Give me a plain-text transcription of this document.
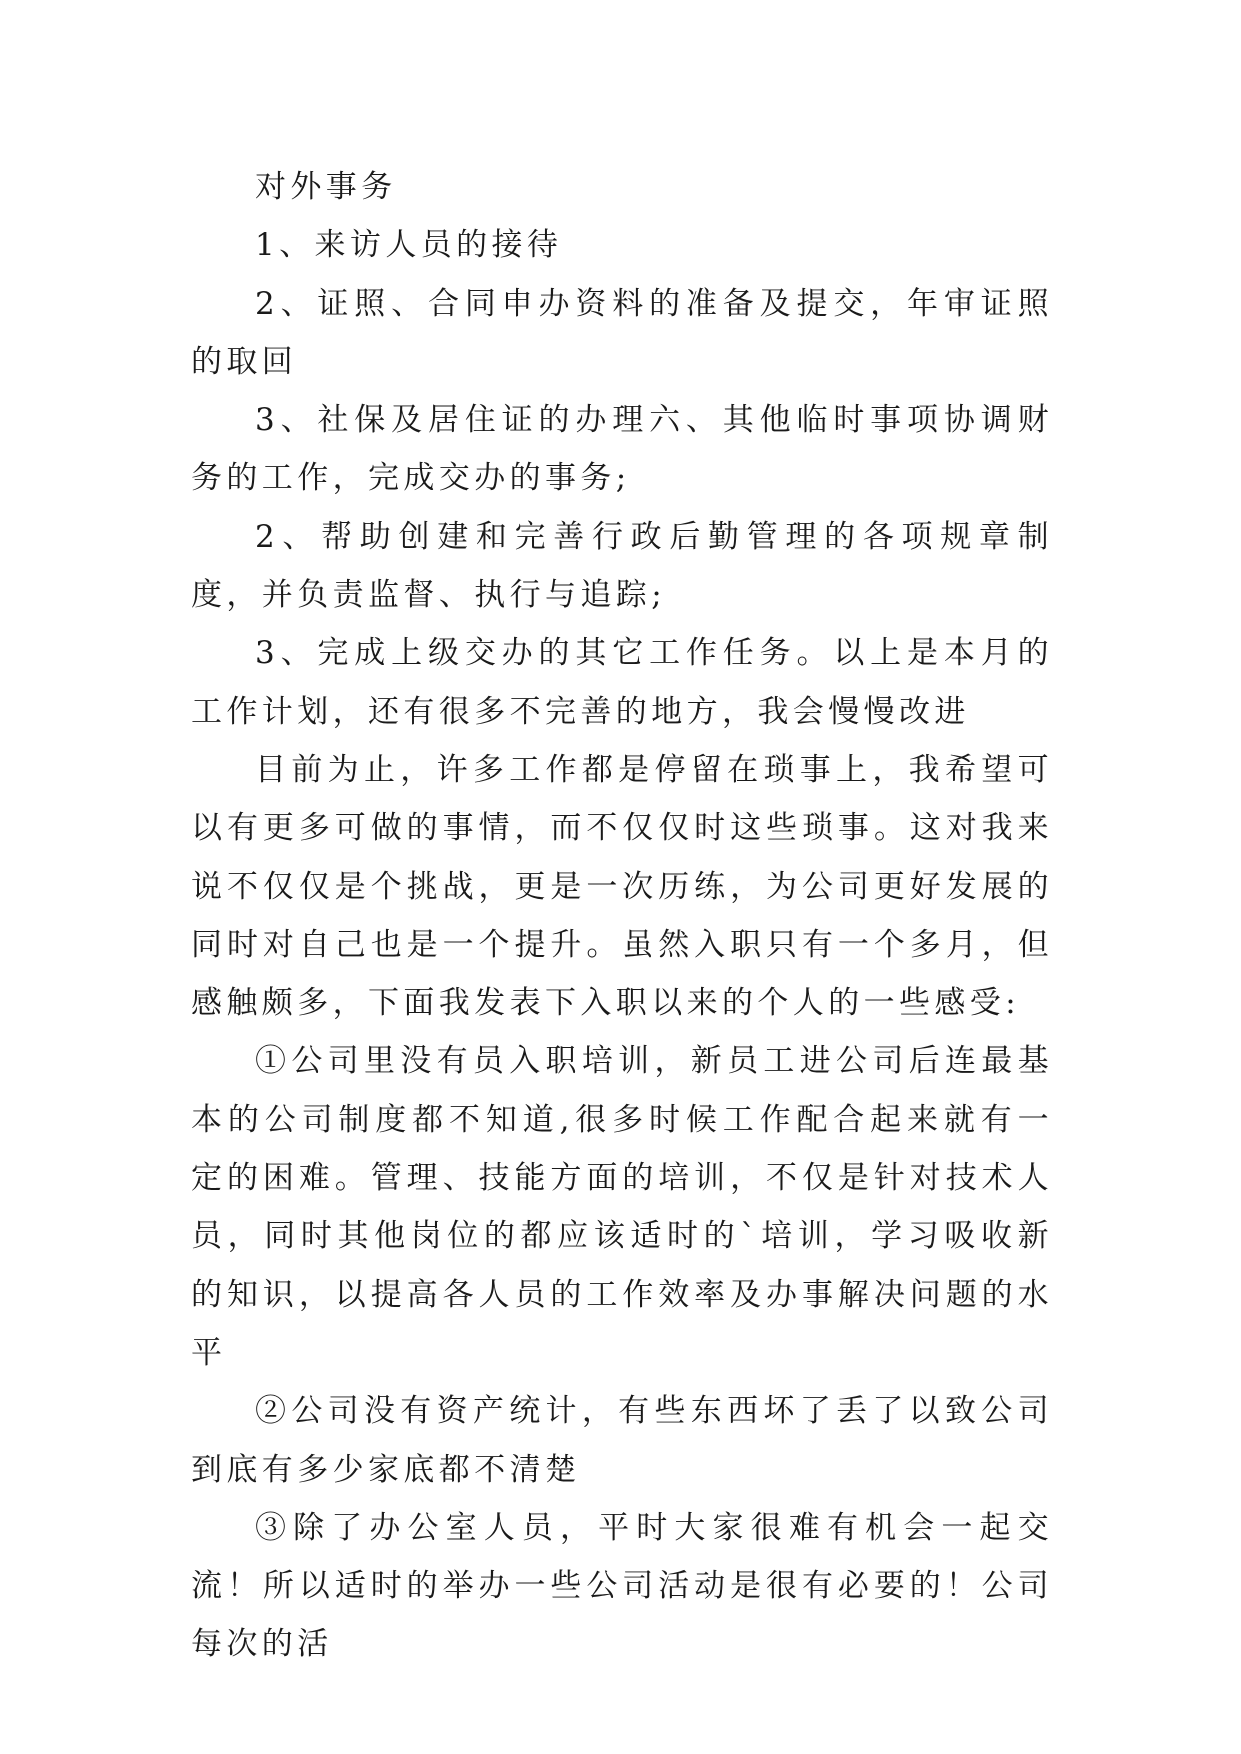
对外事务

1、来访人员的接待

2、证照、合同申办资料的准备及提交，年审证照的取回

3、社保及居住证的办理六、其他临时事项协调财务的工作，完成交办的事务;

2、帮助创建和完善行政后勤管理的各项规章制度，并负责监督、执行与追踪;

3、完成上级交办的其它工作任务。以上是本月的工作计划，还有很多不完善的地方，我会慢慢改进

目前为止，许多工作都是停留在琐事上，我希望可以有更多可做的事情，而不仅仅时这些琐事。这对我来说不仅仅是个挑战，更是一次历练，为公司更好发展的同时对自己也是一个提升。虽然入职只有一个多月，但感触颇多，下面我发表下入职以来的个人的一些感受:

①公司里没有员入职培训，新员工进公司后连最基本的公司制度都不知道,很多时候工作配合起来就有一定的困难。管理、技能方面的培训，不仅是针对技术人员，同时其他岗位的都应该适时的`培训，学习吸收新的知识，以提高各人员的工作效率及办事解决问题的水平

②公司没有资产统计，有些东西坏了丢了以致公司到底有多少家底都不清楚

③除了办公室人员，平时大家很难有机会一起交流！所以适时的举办一些公司活动是很有必要的！公司每次的活
